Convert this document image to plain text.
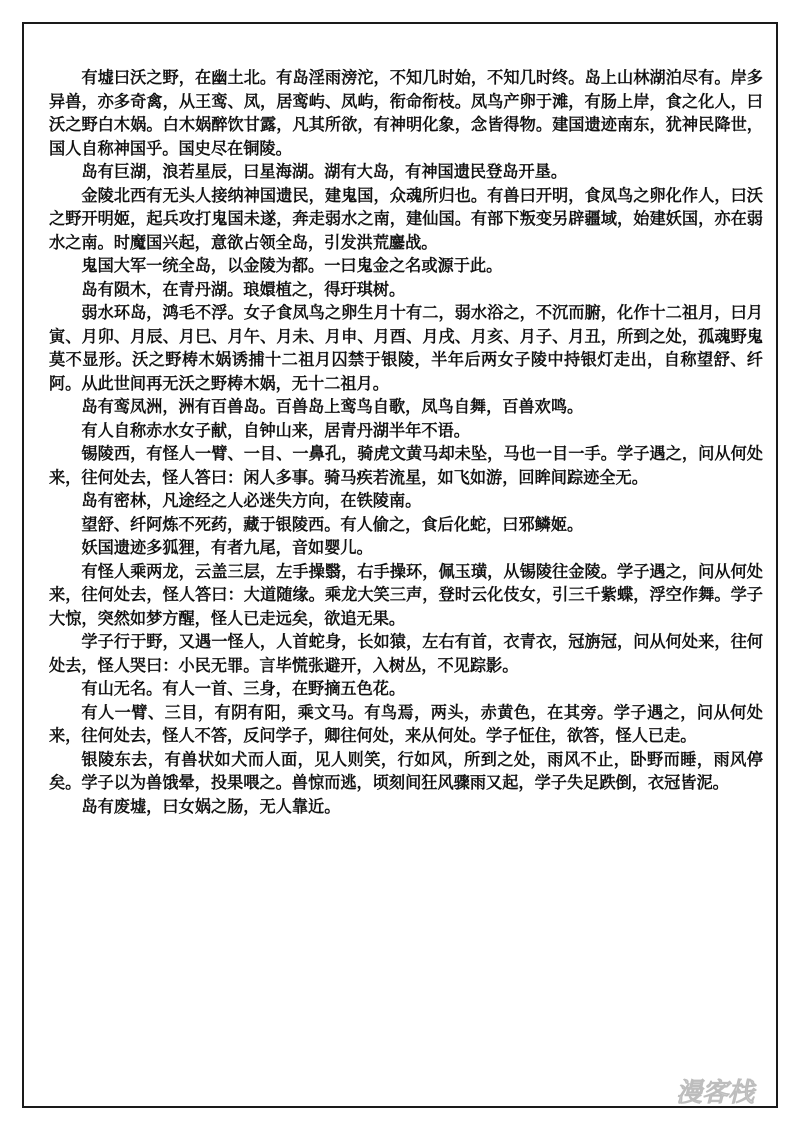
有墟曰沃之野，在幽土北。有岛淫雨滂沱，不知几时始，不知几时终。岛上山林湖泊尽有。岸多异兽，亦多奇禽，从王鸾、凤，居鸾屿、凤屿，衔命衔枝。凤鸟产卵于滩，有肠上岸，食之化人，曰沃之野白木娲。白木娲醉饮甘露，凡其所欲，有神明化象，念皆得物。建国遗迹南东，犹神民降世，国人自称神国乎。国史尽在铜陵。

岛有巨湖，浪若星辰，曰星海湖。湖有大岛，有神国遗民登岛开垦。

金陵北西有无头人接纳神国遗民，建鬼国，众魂所归也。有兽曰开明，食凤鸟之卵化作人，曰沃之野开明姬，起兵攻打鬼国未遂，奔走弱水之南，建仙国。有部下叛变另辟疆域，始建妖国，亦在弱水之南。时魔国兴起，意欲占领全岛，引发洪荒鏖战。

鬼国大军一统全岛，以金陵为都。一曰鬼金之名或源于此。

岛有陨木，在青丹湖。琅嬛植之，得玗琪树。

弱水环岛，鸿毛不浮。女子食凤鸟之卵生月十有二，弱水浴之，不沉而腑，化作十二祖月，曰月寅、月卯、月辰、月巳、月午、月未、月申、月酉、月戌、月亥、月子、月丑，所到之处，孤魂野鬼莫不显形。沃之野梼木娲诱捕十二祖月囚禁于银陵，半年后两女子陵中持银灯走出，自称望舒、纤阿。从此世间再无沃之野梼木娲，无十二祖月。

岛有鸾凤洲，洲有百兽岛。百兽岛上鸾鸟自歌，凤鸟自舞，百兽欢鸣。

有人自称赤水女子献，自钟山来，居青丹湖半年不语。

锡陵西，有怪人一臂、一目、一鼻孔，骑虎文黄马却未坠，马也一目一手。学子遇之，问从何处来，往何处去，怪人答曰：闲人多事。骑马疾若流星，如飞如游，回眸间踪迹全无。

岛有密林，凡途经之人必迷失方向，在铁陵南。

望舒、纤阿炼不死药，藏于银陵西。有人偷之，食后化蛇，曰邪鳞姬。

妖国遗迹多狐狸，有者九尾，音如婴儿。

有怪人乘两龙，云盖三层，左手操翳，右手操环，佩玉璜，从锡陵往金陵。学子遇之，问从何处来，往何处去，怪人答曰：大道随缘。乘龙大笑三声，登时云化伎女，引三千紫蝶，浮空作舞。学子大惊，突然如梦方醒，怪人已走远矣，欲追无果。

学子行于野，又遇一怪人，人首蛇身，长如猿，左右有首，衣青衣，冠旃冠，问从何处来，往何处去，怪人哭曰：小民无罪。言毕慌张避开，入树丛，不见踪影。

有山无名。有人一首、三身，在野摘五色花。

有人一臂、三目，有阴有阳，乘文马。有鸟焉，两头，赤黄色，在其旁。学子遇之，问从何处来，往何处去，怪人不答，反问学子，卿往何处，来从何处。学子怔住，欲答，怪人已走。

银陵东去，有兽状如犬而人面，见人则笑，行如风，所到之处，雨风不止，卧野而睡，雨风停矣。学子以为兽饿晕，投果喂之。兽惊而逃，顷刻间狂风骤雨又起，学子失足跌倒，衣冠皆泥。

岛有废墟，曰女娲之肠，无人靠近。

漫客栈
